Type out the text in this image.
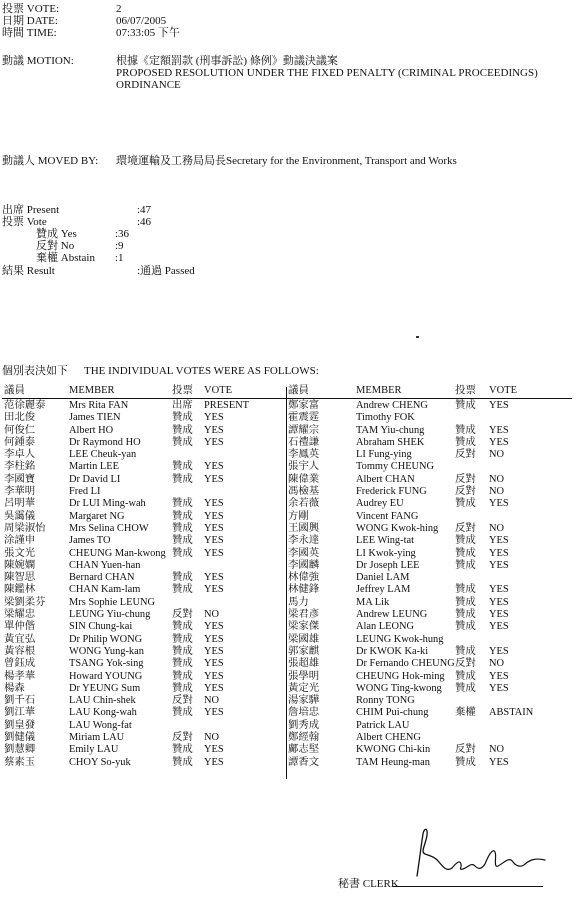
投票 VOTE:	2
日期 DATE:	06/07/2005
時間 TIME:	07:33:05 下午
動議 MOTION:	根據《定額罰款 (刑事訴訟) 條例》動議決議案
PROPOSED RESOLUTION UNDER THE FIXED PENALTY (CRIMINAL PROCEEDINGS)
ORDINANCE
動議人 MOVED BY: 環境運輸及工務局局長Secretary for the Environment, Transport and Works
出席 Present	:47
投票 Vote	:46
贊成 Yes	:36
反對 No	:9
棄權 Abstain :1
結果 Result	:通過 Passed
個別表決如下 THE INDIVIDUAL VOTES WERE AS FOLLOWS:
議員	MEMBER	投票 VOTE	議員	MEMBER	投票 VOTE
范徐麗泰 Mrs Rita FAN	出席 PRESENT
田北俊	James TIEN	贊成 YES
何俊仁	Albert HO	贊成 YES
何鍾泰	Dr Raymond HO	贊成 YES
李卓人	LEE Cheuk-yan
李柱銘	Martin LEE	贊成 YES
李國寶	Dr David LI	贊成 YES
李華明	Fred LI
呂明華	Dr LUI Ming-wah	贊成 YES
吳靄儀	Margaret NG	贊成 YES
周梁淑怡 Mrs Selina CHOW 贊成 YES
涂謹申	James TO	贊成 YES
張文光	CHEUNG Man-kwong 贊成 YES
陳婉嫻	CHAN Yuen-han
陳智思	Bernard CHAN	贊成 YES
陳鑑林	CHAN Kam-lam	贊成 YES
梁劉柔芬 Mrs Sophie LEUNG
梁耀忠	LEUNG Yiu-chung 反對 NO
單仲偕	SIN Chung-kai	贊成 YES
黃宜弘	Dr Philip WONG	贊成 YES
黃容根	WONG Yung-kan	贊成 YES
曾鈺成	TSANG Yok-sing	贊成 YES
楊孝華	Howard YOUNG	贊成 YES
楊森	Dr YEUNG Sum	贊成 YES
劉千石	LAU Chin-shek	反對 NO
劉江華	LAU Kong-wah	贊成 YES
劉皇發	LAU Wong-fat
劉健儀	Miriam LAU	反對 NO
劉慧卿	Emily LAU	贊成 YES
蔡素玉	CHOY So-yuk	贊成 YES
鄭家富	Andrew CHENG	贊成 YES
霍震霆	Timothy FOK
譚耀宗	TAM Yiu-chung	贊成 YES
石禮謙	Abraham SHEK	贊成 YES
李鳳英	LI Fung-ying	反對 NO
張宇人	Tommy CHEUNG
陳偉業	Albert CHAN	反對 NO
馮檢基	Frederick FUNG	反對 NO
余若薇	Audrey EU	贊成 YES
方剛	Vincent FANG
王國興	WONG Kwok-hing 反對 NO
李永達	LEE Wing-tat	贊成 YES
李國英	LI Kwok-ying	贊成 YES
李國麟	Dr Joseph LEE	贊成 YES
林偉強	Daniel LAM
林健鋒	Jeffrey LAM	贊成 YES
馬力	MA Lik	贊成 YES
梁君彥	Andrew LEUNG	贊成 YES
梁家傑	Alan LEONG	贊成 YES
梁國雄	LEUNG Kwok-hung
郭家麒	Dr KWOK Ka-ki	贊成 YES
張超雄	Dr Fernando CHEUNG 反對 NO
張學明	CHEUNG Hok-ming 贊成 YES
黃定光	WONG Ting-kwong 贊成 YES
湯家驊	Ronny TONG
詹培忠	CHIM Pui-chung	棄權 ABSTAIN
劉秀成	Patrick LAU
鄭經翰	Albert CHENG
鄺志堅	KWONG Chi-kin 反對 NO
譚香文	TAM Heung-man 贊成 YES
秘書 CLERK
